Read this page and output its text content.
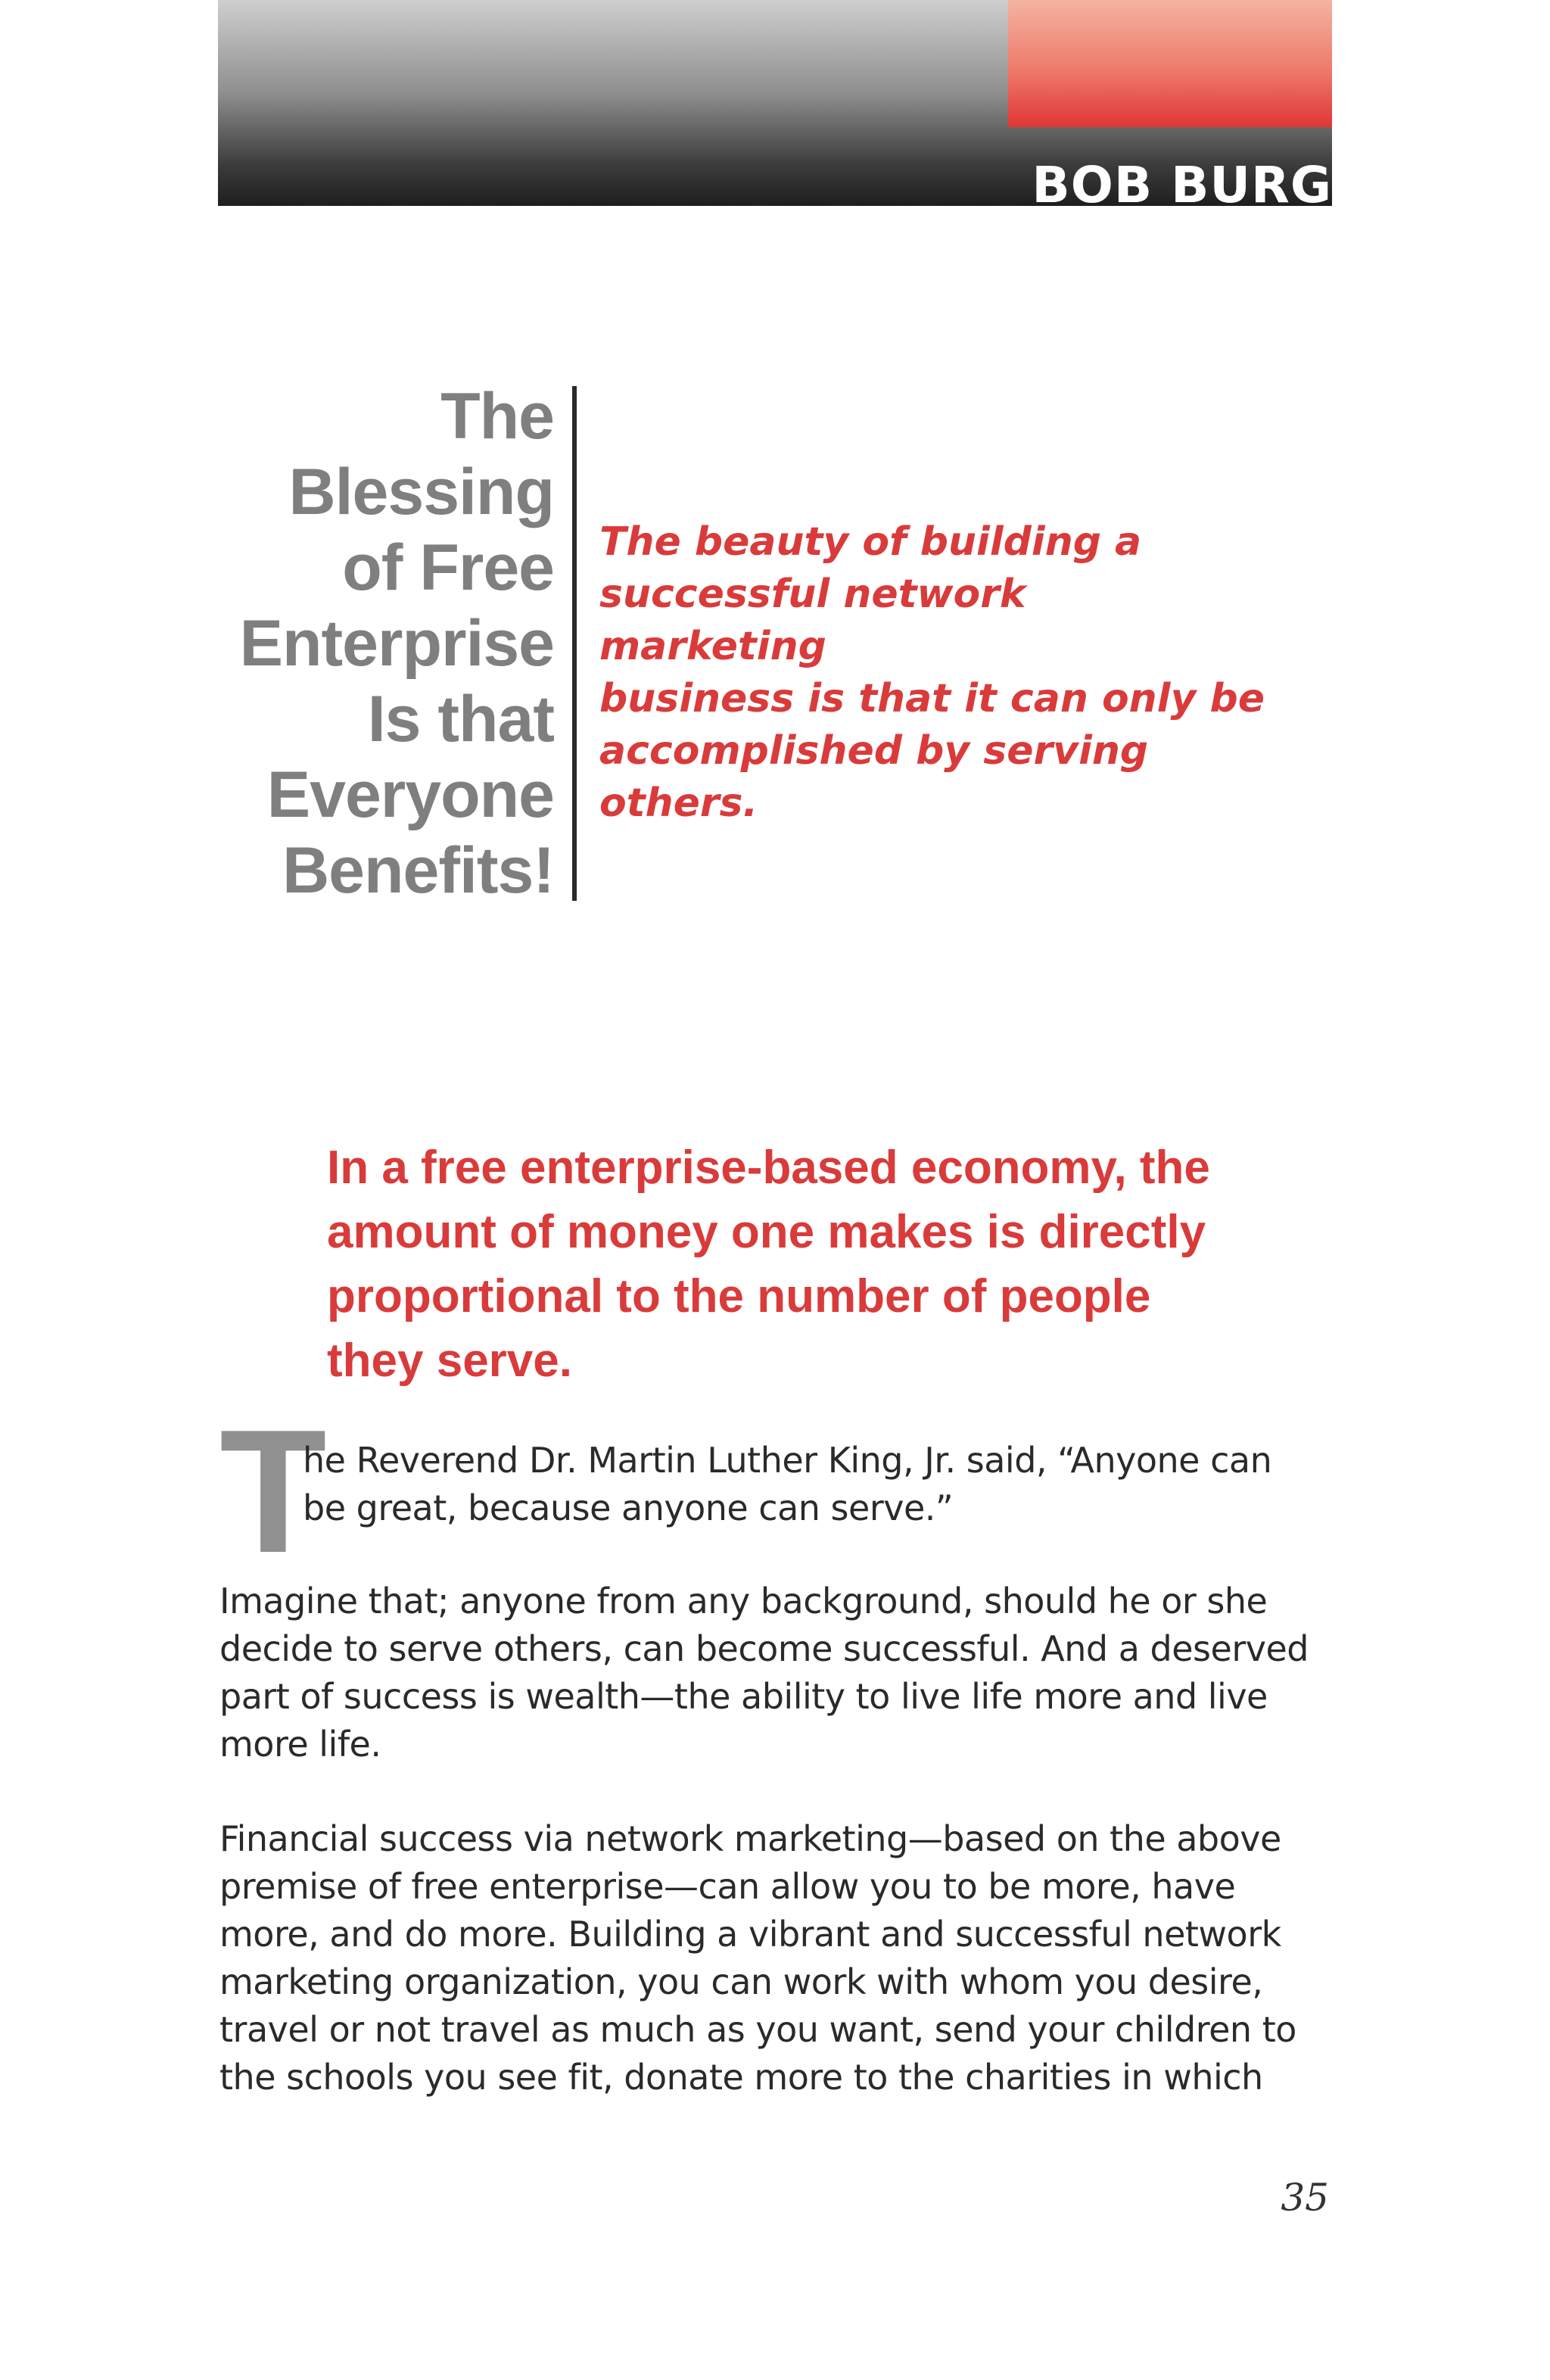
BOB BURG
The
Blessing
of Free
Enterprise
Is that
Everyone
Benefits!
The beauty of building a
successful network marketing
business is that it can only be
accomplished by serving
others.
In a free enterprise-based economy, the
amount of money one makes is directly
proportional to the number of people
they serve.
T
he Reverend Dr. Martin Luther King, Jr. said, “Anyone can
be great, because anyone can serve.”
Imagine that; anyone from any background, should he or she
decide to serve others, can become successful. And a deserved
part of success is wealth—the ability to live life more and live
more life.
Financial success via network marketing—based on the above
premise of free enterprise—can allow you to be more, have
more, and do more. Building a vibrant and successful network
marketing organization, you can work with whom you desire,
travel or not travel as much as you want, send your children to
the schools you see fit, donate more to the charities in which
35
